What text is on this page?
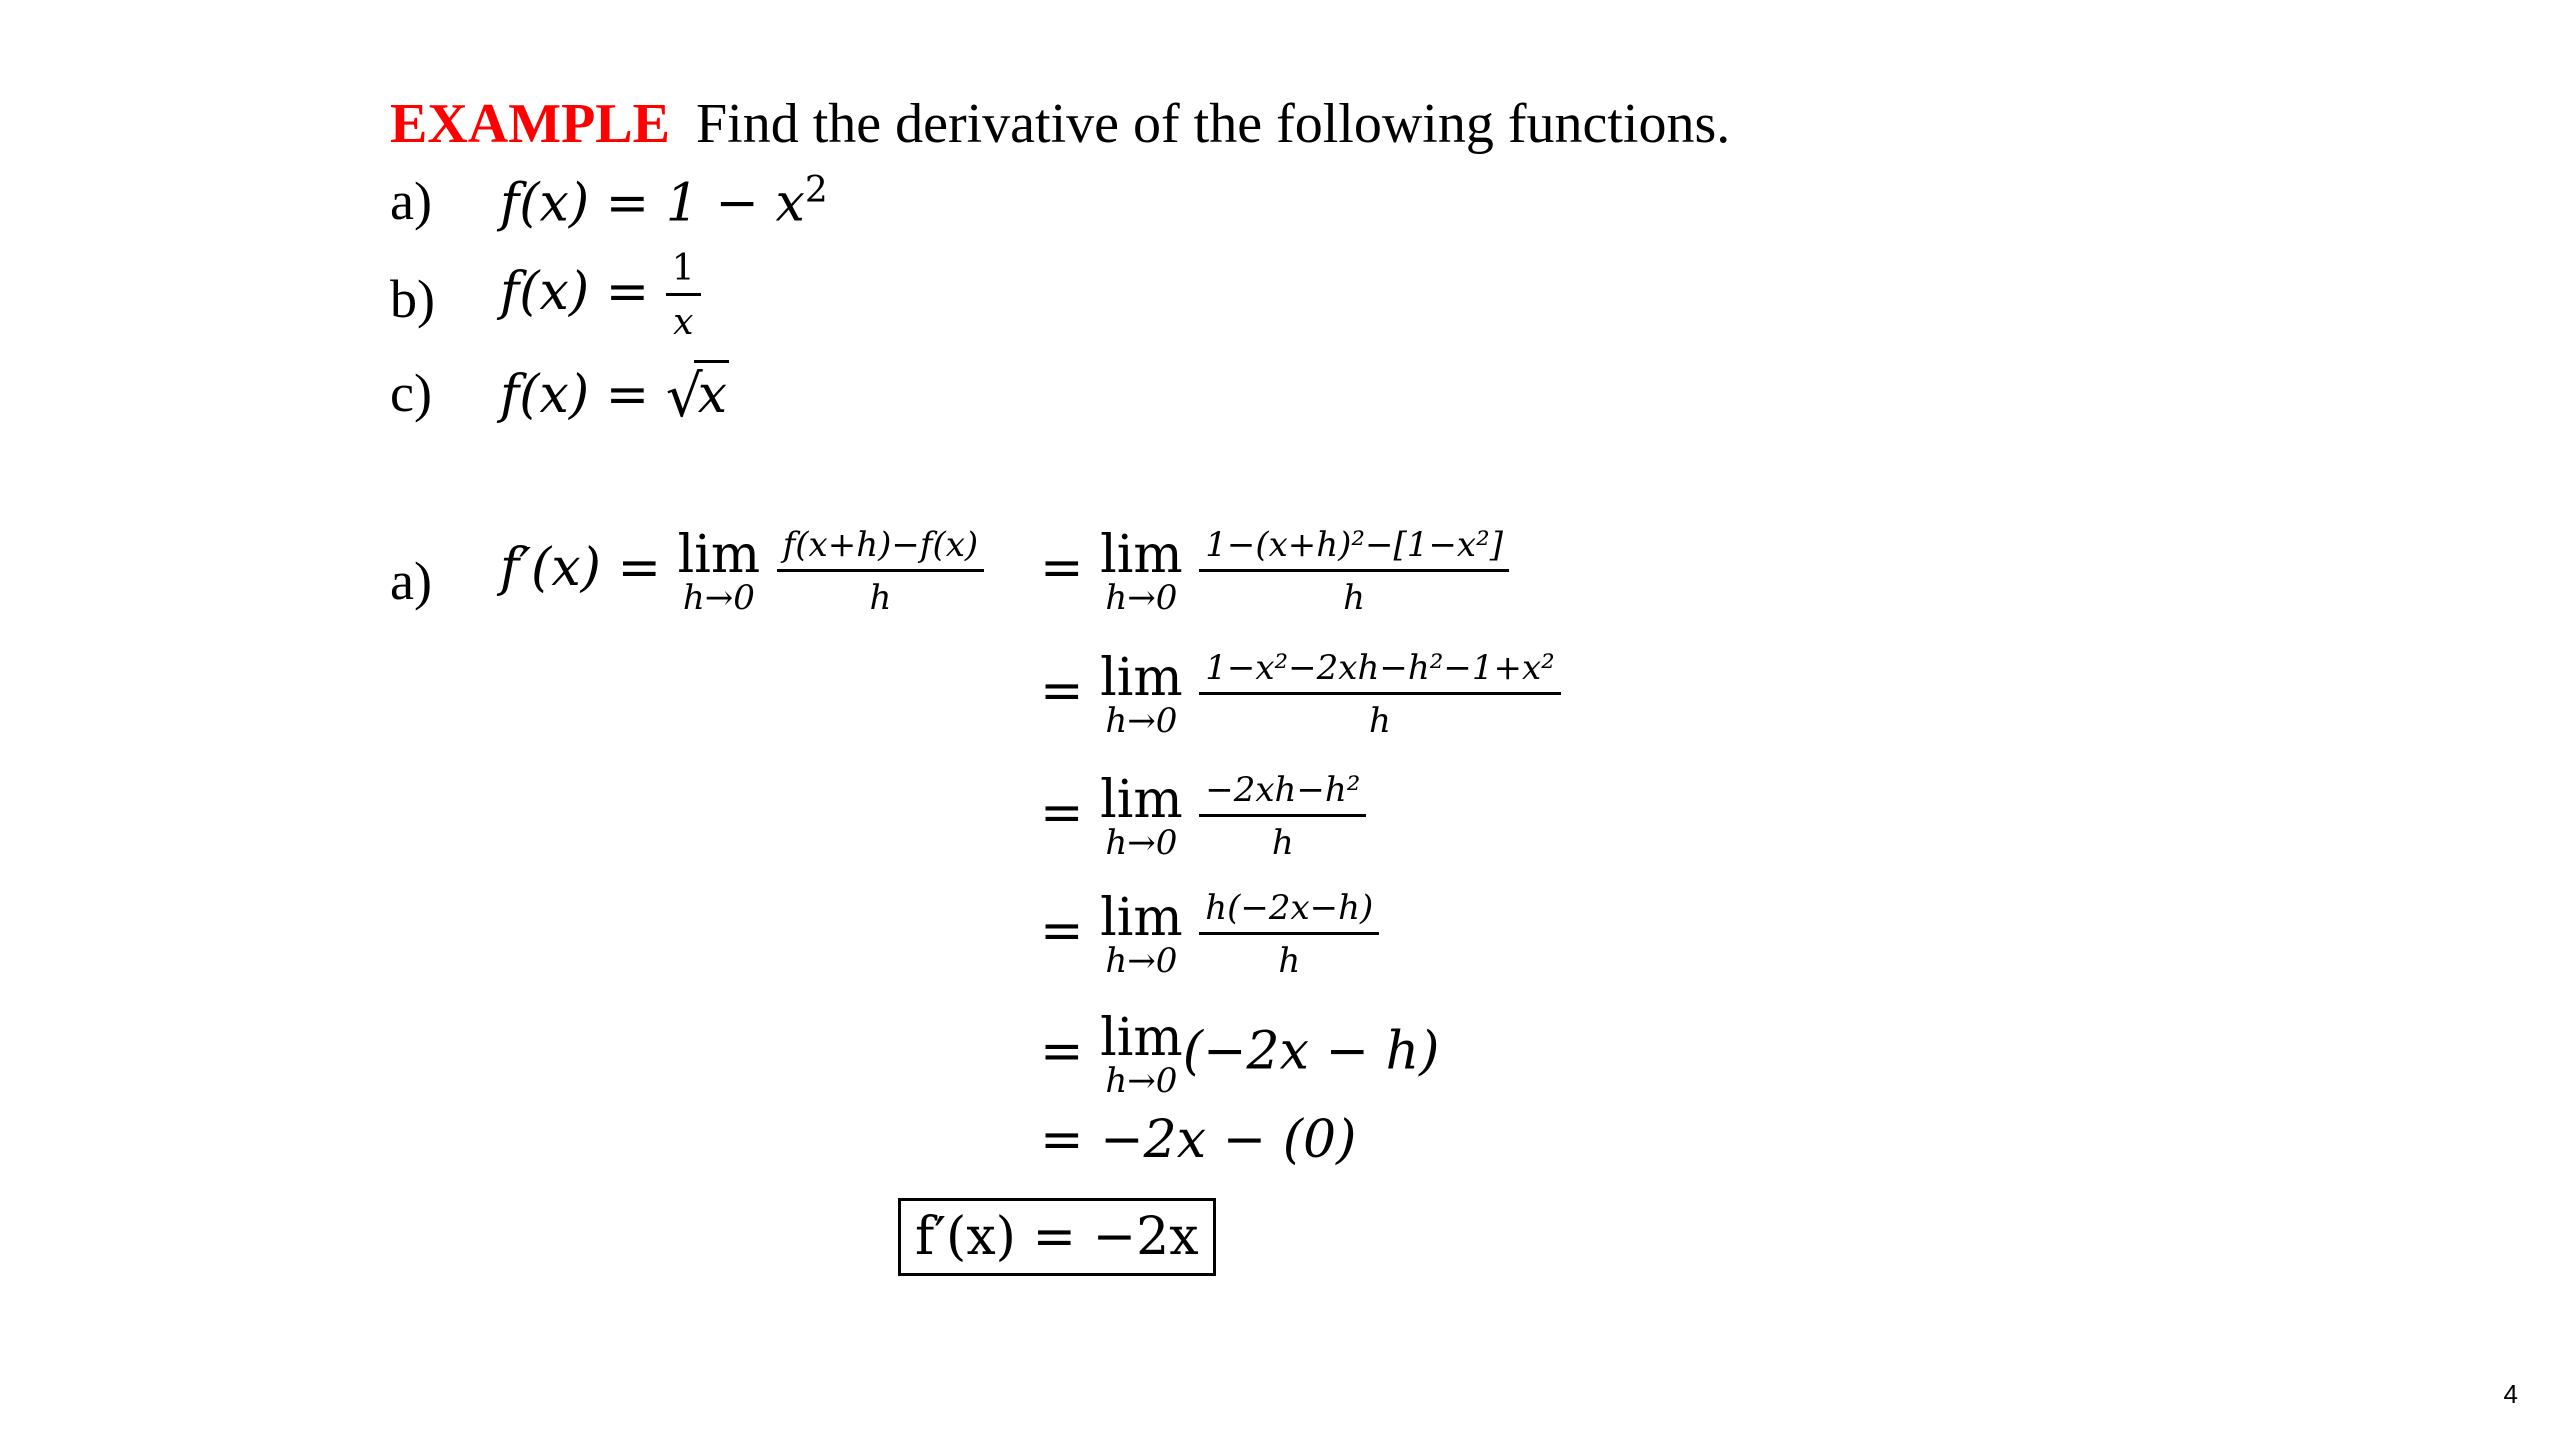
EXAMPLE Find the derivative of the following functions.
a) $f(x) = 1 - x^2$
b) $f(x) = \frac{1}{x}$
c) f(x) = √
x
a) f′(x) = lim
h→0
$\frac{f(x+h)-f(x)}{h} = \lim$
h→0
$\frac{\text{1−(x+h)²−[1−x²]}}{h}$
= lim
h→0
$\frac{\text{1−x²−2xh−h²−1+x²}}{h}$
= lim
h→0
$\frac{\text{−2xh−h²}}{h}$
= lim
h→0
$\frac{h(-2x-h)}{h}$
= lim
h→0 (−2x − h)
= −2x − (0)
f′(x) = −2x
4
